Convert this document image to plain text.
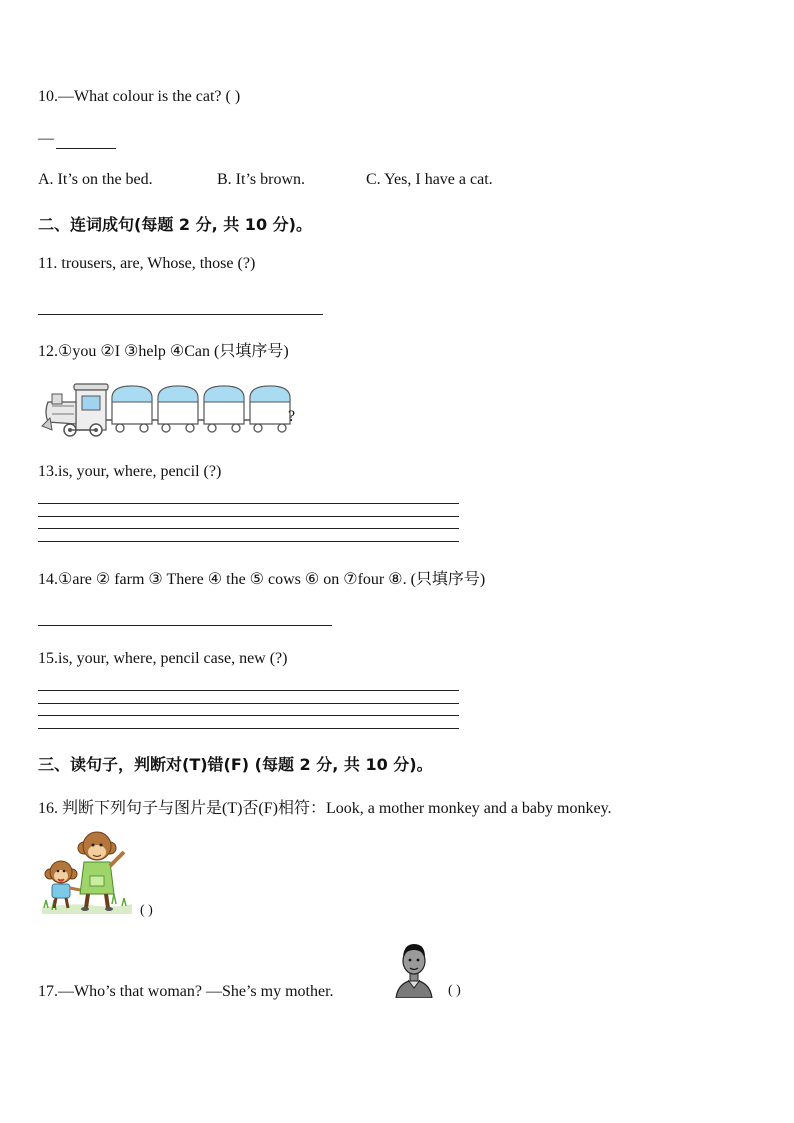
10.—What colour is the cat? ( )
—
A. It’s on the bed.	B. It’s brown.	C. Yes, I have a cat.
二、连词成句(每题 2 分, 共 10 分)。
11. trousers, are, Whose, those (?)
12.①you ②I ③help ④Can (只填序号)
?
13.is, your, where, pencil (?)
14.①are ② farm ③ There ④ the ⑤ cows ⑥ on ⑦four ⑧. (只填序号)
15.is, your, where, pencil case, new (?)
三、读句子，判断对(T)错(F) (每题 2 分, 共 10 分)。
16. 判断下列句子与图片是(T)否(F)相符：Look, a mother monkey and a baby monkey.
( )
17.—Who’s that woman? —She’s my mother.	( )
